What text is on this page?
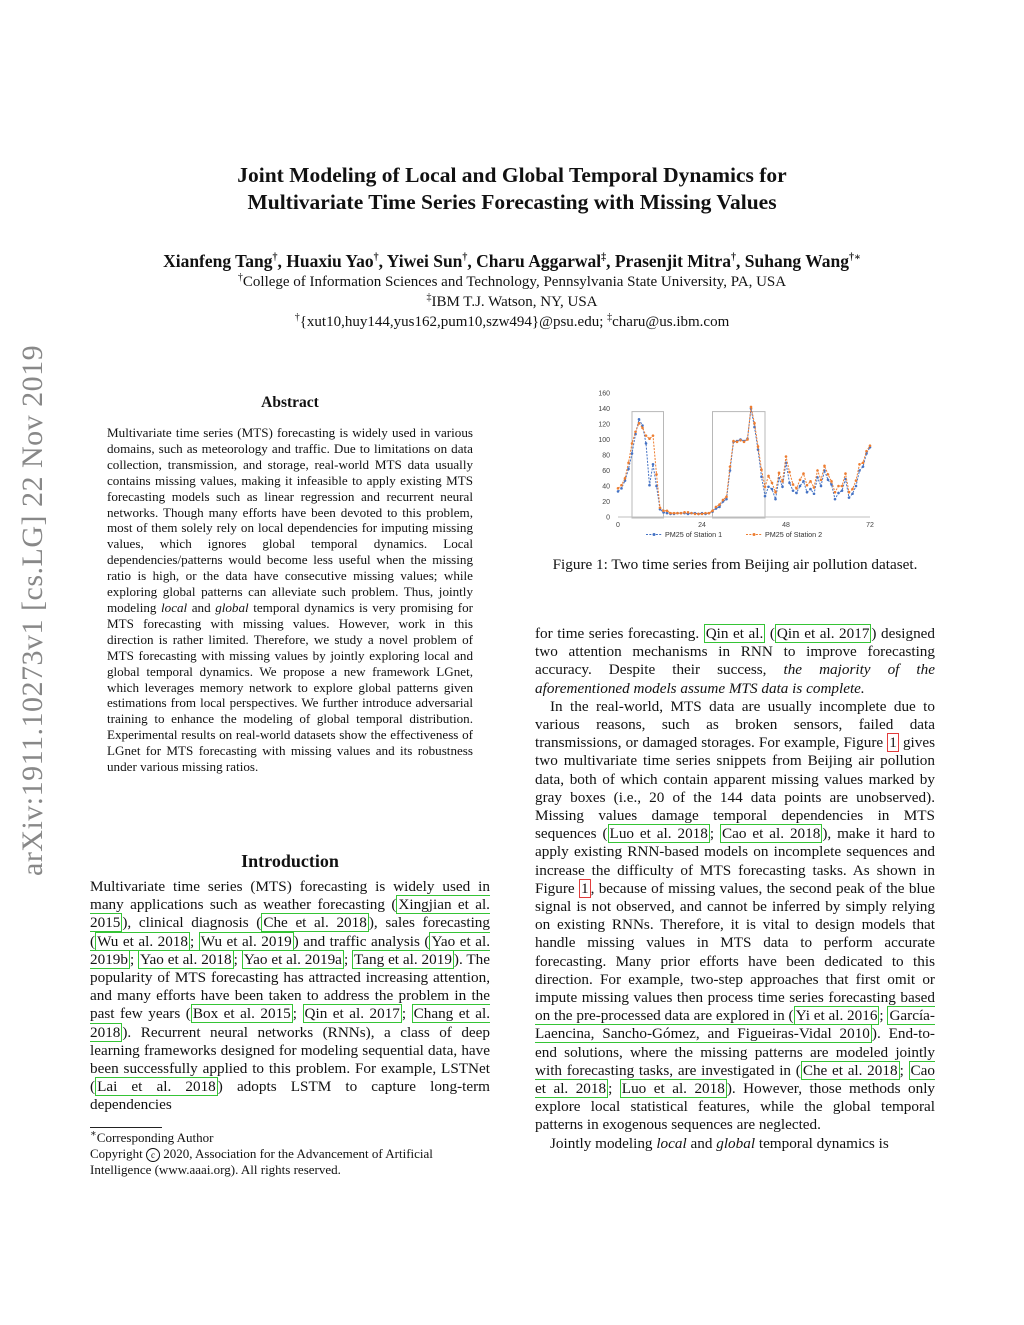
arXiv:1911.10273v1 [cs.LG] 22 Nov 2019
Joint Modeling of Local and Global Temporal Dynamics for
Multivariate Time Series Forecasting with Missing Values
Xianfeng Tang†, Huaxiu Yao†, Yiwei Sun†, Charu Aggarwal‡, Prasenjit Mitra†, Suhang Wang†∗
†College of Information Sciences and Technology, Pennsylvania State University, PA, USA
‡IBM T.J. Watson, NY, USA
†{xut10,huy144,yus162,pum10,szw494}@psu.edu; ‡charu@us.ibm.com
Abstract
Multivariate time series (MTS) forecasting is widely used in various domains, such as meteorology and traffic. Due to limitations on data collection, transmission, and storage, real-world MTS data usually contains missing values, making it infeasible to apply existing MTS forecasting models such as linear regression and recurrent neural networks. Though many efforts have been devoted to this problem, most of them solely rely on local dependencies for imputing missing values, which ignores global temporal dynamics. Local dependencies/patterns would become less useful when the missing ratio is high, or the data have consecutive missing values; while exploring global patterns can alleviate such problem. Thus, jointly modeling local and global temporal dynamics is very promising for MTS forecasting with missing values. However, work in this direction is rather limited. Therefore, we study a novel problem of MTS forecasting with missing values by jointly exploring local and global temporal dynamics. We propose a new framework LGnet, which leverages memory network to explore global patterns given estimations from local perspectives. We further introduce adversarial training to enhance the modeling of global temporal distribution. Experimental results on real-world datasets show the effectiveness of LGnet for MTS forecasting with missing values and its robustness under various missing ratios.
Introduction

Multivariate time series (MTS) forecasting is widely used in many applications such as weather forecasting ( Xingjian et al. 2015 ), clinical diagnosis ( Che et al. 2018 ), sales forecasting ( Wu et al. 2018 ; Wu et al. 2019 ) and traffic analysis ( Yao et al. 2019b ; Yao et al. 2018 ; Yao et al. 2019a ; Tang et al. 2019 ). The popularity of MTS forecasting has attracted increasing attention, and many efforts have been taken to address the problem in the past few years ( Box et al. 2015 ; Qin et al. 2017 ; Chang et al. 2018 ). Recurrent neural networks (RNNs), a class of deep learning frameworks designed for modeling sequential data, have been successfully applied to this problem. For example, LSTNet ( Lai et al. 2018 ) adopts LSTM to capture long-term dependencies

∗Corresponding Author
Copyright c 2020, Association for the Advancement of Artificial Intelligence (www.aaai.org). All rights reserved.
0
20
40
60
80
100
120
140
160
0	24	48	72
PM25 of Station 1	PM25 of Station 2
Figure 1: Two time series from Beijing air pollution dataset.

for time series forecasting. Qin et al. ( Qin et al. 2017 ) designed two attention mechanisms in RNN to improve forecasting accuracy. Despite their success, the majority of the aforementioned models assume MTS data is complete.

In the real-world, MTS data are usually incomplete due to various reasons, such as broken sensors, failed data transmissions, or damaged storages. For example, Figure 1 gives two multivariate time series snippets from Beijing air pollution data, both of which contain apparent missing values marked by gray boxes (i.e., 20 of the 144 data points are unobserved). Missing values damage temporal dependencies in MTS sequences ( Luo et al. 2018 ; Cao et al. 2018 ), make it hard to apply existing RNN-based models on incomplete sequences and increase the difficulty of MTS forecasting tasks. As shown in Figure 1 , because of missing values, the second peak of the blue signal is not observed, and cannot be inferred by simply relying on existing RNNs. Therefore, it is vital to design models that handle missing values in MTS data to perform accurate forecasting. Many prior efforts have been dedicated to this direction. For example, two-step approaches that first omit or impute missing values then process time series forecasting based on the pre-processed data are explored in ( Yi et al. 2016 ; García-Laencina, Sancho-Gómez, and Figueiras-Vidal 2010 ). End-to-end solutions, where the missing patterns are modeled jointly with forecasting tasks, are investigated in ( Che et al. 2018 ; Cao et al. 2018 ; Luo et al. 2018 ). However, those methods only explore local statistical features, while the global temporal patterns in exogenous sequences are neglected.

Jointly modeling local and global temporal dynamics is
